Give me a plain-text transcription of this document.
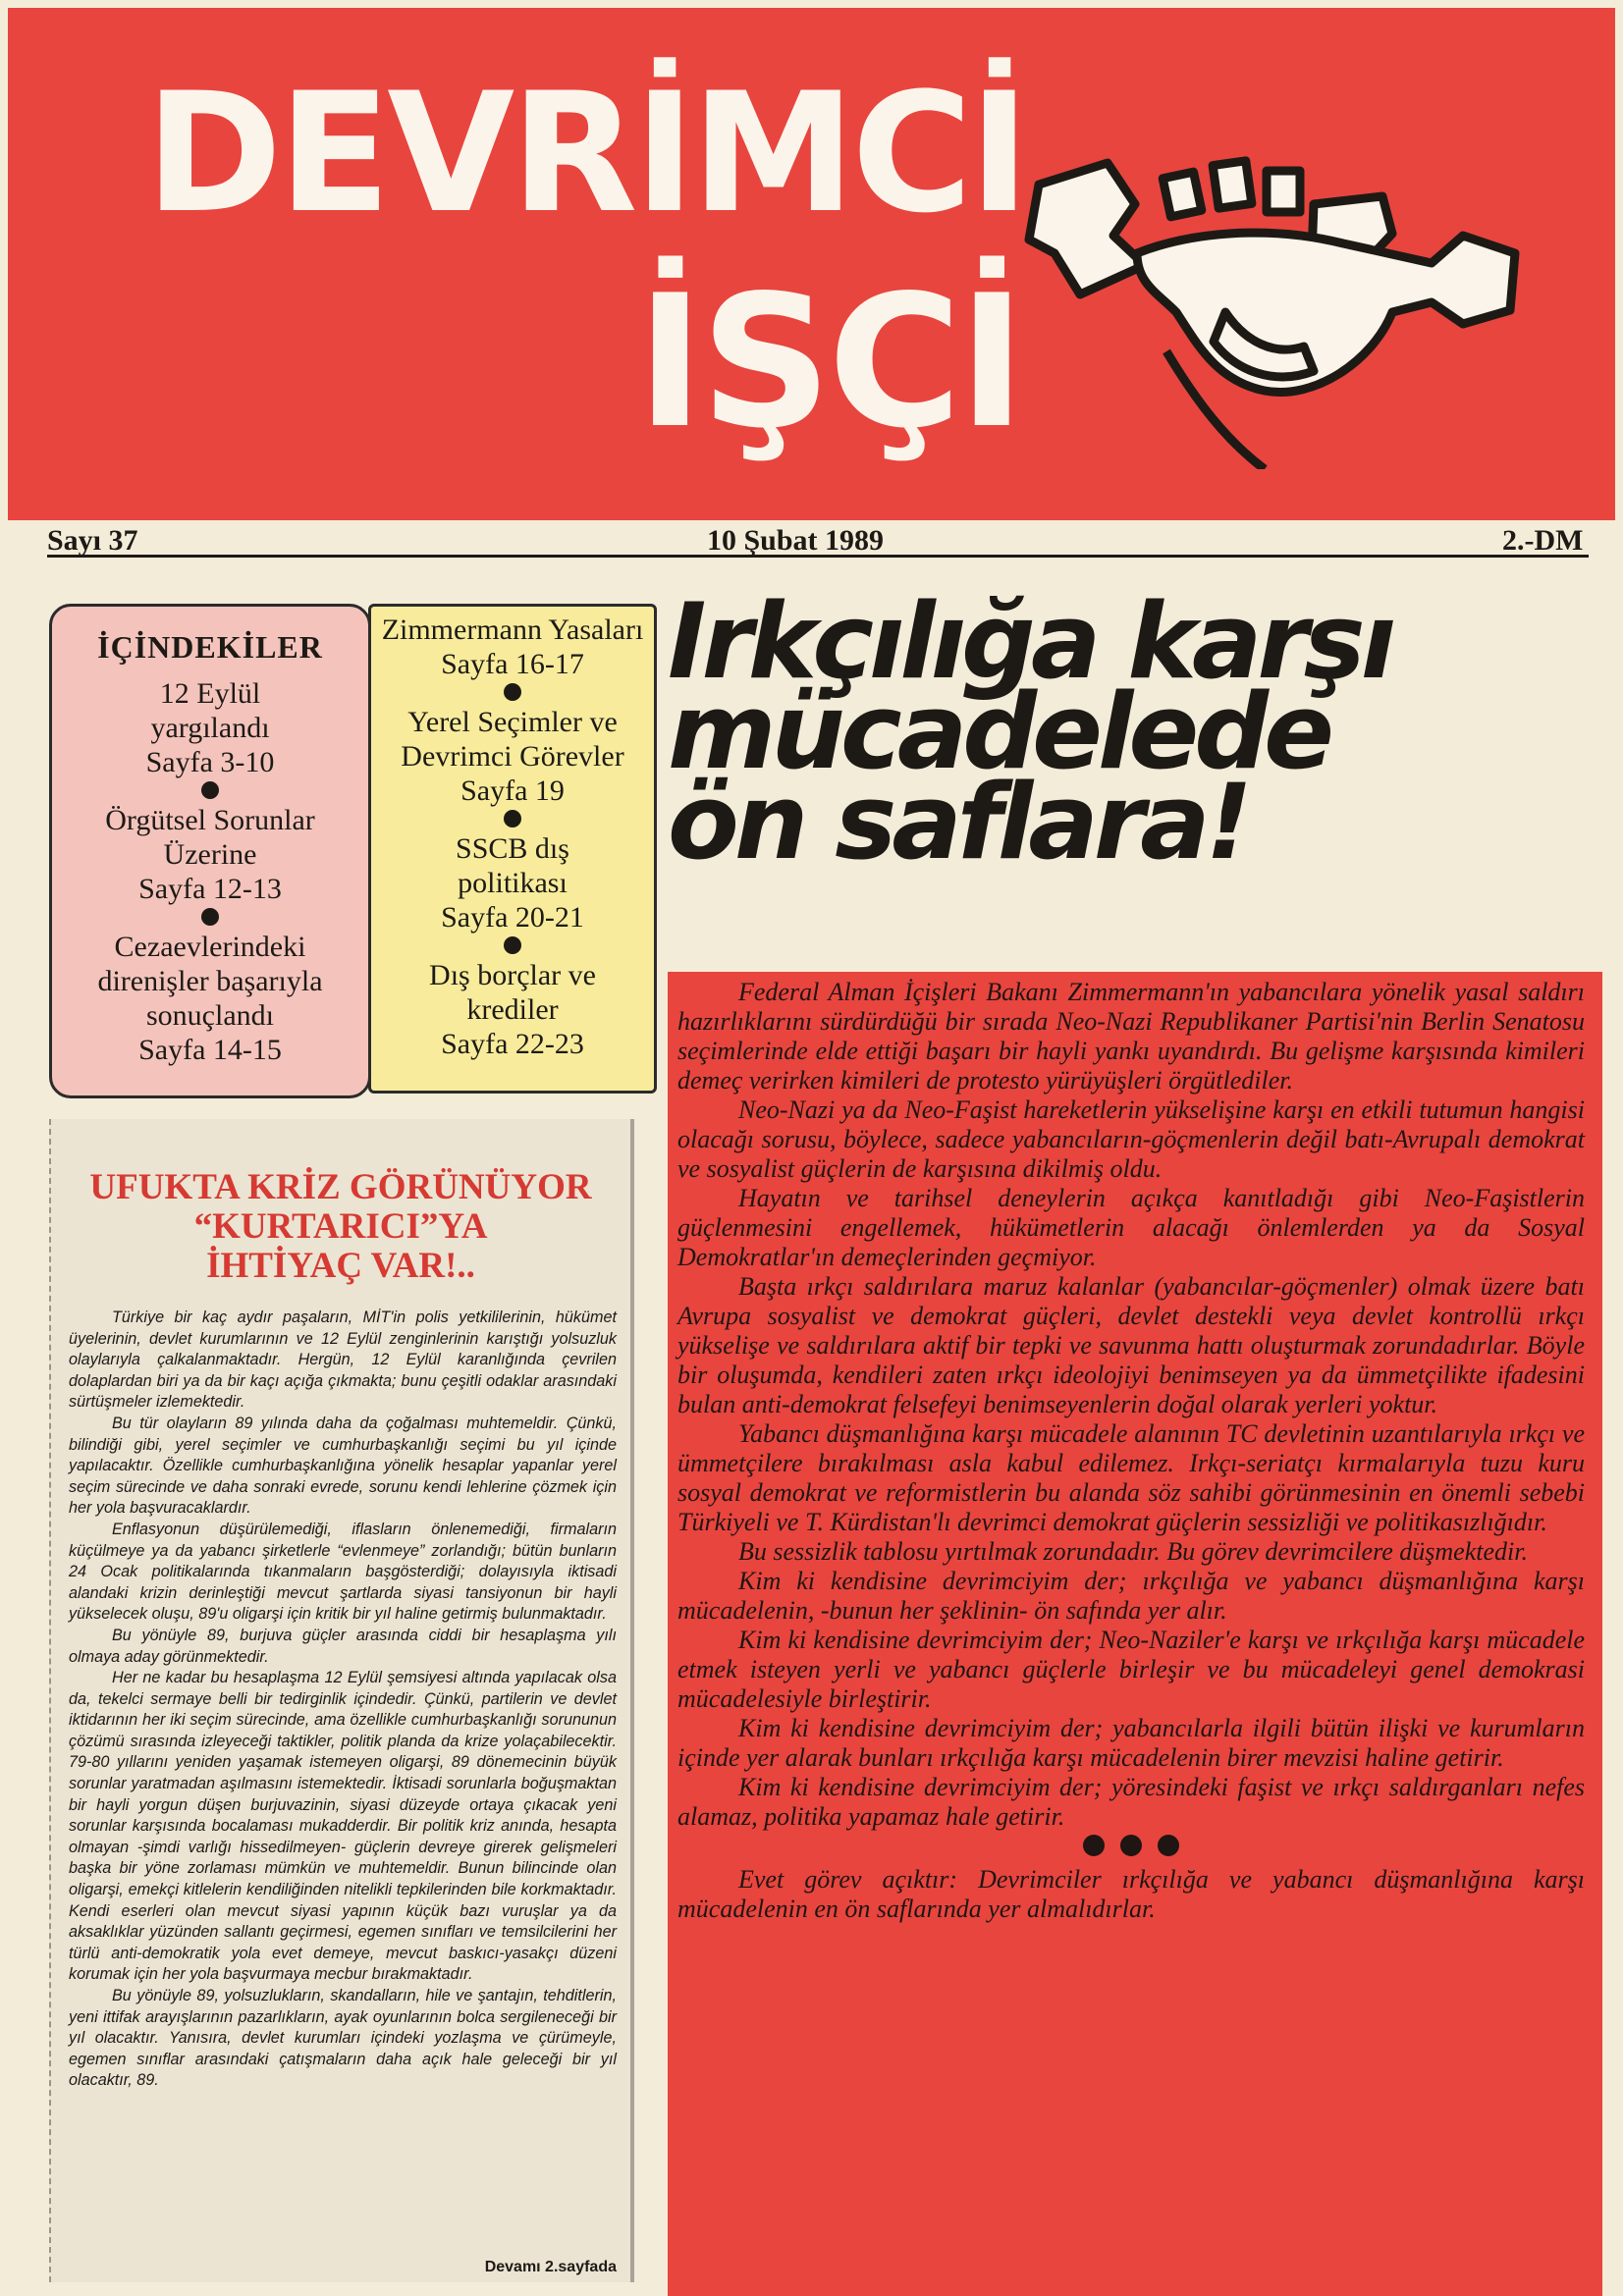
DEVRİMCİ
İŞÇİ
Sayı 37	10 Şubat 1989	2.-DM
İÇİNDEKİLER
12 Eylül yargılandı
Sayfa 3-10
Örgütsel Sorunlar Üzerine
Sayfa 12-13
Cezaevlerindeki direnişler başarıyla sonuçlandı
Sayfa 14-15
Zimmermann Yasaları
Sayfa 16-17
Yerel Seçimler ve Devrimci Görevler
Sayfa 19
SSCB dış politikası
Sayfa 20-21
Dış borçlar ve krediler
Sayfa 22-23
Irkçılığa karşı
mücadelede
ön saflara!
UFUKTA KRİZ GÖRÜNÜYOR
“KURTARICI”YA
İHTİYAÇ VAR!..

Türkiye bir kaç aydır paşaların, MİT'in polis yetkililerinin, hükümet üyelerinin, devlet kurumlarının ve 12 Eylül zenginlerinin karıştığı yolsuzluk olaylarıyla çalkalanmaktadır. Hergün, 12 Eylül karanlığında çevrilen dolaplardan biri ya da bir kaçı açığa çıkmakta; bunu çeşitli odaklar arasındaki sürtüşmeler izlemektedir.

Bu tür olayların 89 yılında daha da çoğalması muhtemeldir. Çünkü, bilindiği gibi, yerel seçimler ve cumhurbaşkanlığı seçimi bu yıl içinde yapılacaktır. Özellikle cumhurbaşkanlığına yönelik hesaplar yapanlar yerel seçim sürecinde ve daha sonraki evrede, sorunu kendi lehlerine çözmek için her yola başvuracaklardır.

Enflasyonun düşürülemediği, iflasların önlenemediği, firmaların küçülmeye ya da yabancı şirketlerle “evlenmeye” zorlandığı; bütün bunların 24 Ocak politikalarında tıkanmaların başgösterdiği; dolayısıyla iktisadi alandaki krizin derinleştiği mevcut şartlarda siyasi tansiyonun bir hayli yükselecek oluşu, 89'u oligarşi için kritik bir yıl haline getirmiş bulunmaktadır.

Bu yönüyle 89, burjuva güçler arasında ciddi bir hesaplaşma yılı olmaya aday görünmektedir.

Her ne kadar bu hesaplaşma 12 Eylül şemsiyesi altında yapılacak olsa da, tekelci sermaye belli bir tedirginlik içindedir. Çünkü, partilerin ve devlet iktidarının her iki seçim sürecinde, ama özellikle cumhurbaşkanlığı sorununun çözümü sırasında izleyeceği taktikler, politik planda da krize yolaçabilecektir. 79-80 yıllarını yeniden yaşamak istemeyen oligarşi, 89 dönemecinin büyük sorunlar yaratmadan aşılmasını istemektedir. İktisadi sorunlarla boğuşmaktan bir hayli yorgun düşen burjuvazinin, siyasi düzeyde ortaya çıkacak yeni sorunlar karşısında bocalaması mukadderdir. Bir politik kriz anında, hesapta olmayan -şimdi varlığı hissedilmeyen- güçlerin devreye girerek gelişmeleri başka bir yöne zorlaması mümkün ve muhtemeldir. Bunun bilincinde olan oligarşi, emekçi kitlelerin kendiliğinden nitelikli tepkilerinden bile korkmaktadır. Kendi eserleri olan mevcut siyasi yapının küçük bazı vuruşlar ya da aksaklıklar yüzünden sallantı geçirmesi, egemen sınıfları ve temsilcilerini her türlü anti-demokratik yola evet demeye, mevcut baskıcı-yasakçı düzeni korumak için her yola başvurmaya mecbur bırakmaktadır.

Bu yönüyle 89, yolsuzlukların, skandalların, hile ve şantajın, tehditlerin, yeni ittifak arayışlarının pazarlıkların, ayak oyunlarının bolca sergileneceği bir yıl olacaktır. Yanısıra, devlet kurumları içindeki yozlaşma ve çürümeyle, egemen sınıflar arasındaki çatışmaların daha açık hale geleceği bir yıl olacaktır, 89.

Devamı 2.sayfada

Federal Alman İçişleri Bakanı Zimmermann'ın yabancılara yönelik yasal saldırı hazırlıklarını sürdürdüğü bir sırada Neo-Nazi Republikaner Partisi'nin Berlin Senatosu seçimlerinde elde ettiği başarı bir hayli yankı uyandırdı. Bu gelişme karşısında kimileri demeç verirken kimileri de protesto yürüyüşleri örgütlediler.

Neo-Nazi ya da Neo-Faşist hareketlerin yükselişine karşı en etkili tutumun hangisi olacağı sorusu, böylece, sadece yabancıların-göçmenlerin değil batı-Avrupalı demokrat ve sosyalist güçlerin de karşısına dikilmiş oldu.

Hayatın ve tarihsel deneylerin açıkça kanıtladığı gibi Neo-Faşistlerin güçlenmesini engellemek, hükümetlerin alacağı önlemlerden ya da Sosyal Demokratlar'ın demeçlerinden geçmiyor.

Başta ırkçı saldırılara maruz kalanlar (yabancılar-göçmenler) olmak üzere batı Avrupa sosyalist ve demokrat güçleri, devlet destekli veya devlet kontrollü ırkçı yükselişe ve saldırılara aktif bir tepki ve savunma hattı oluşturmak zorundadırlar. Böyle bir oluşumda, kendileri zaten ırkçı ideolojiyi benimseyen ya da ümmetçilikte ifadesini bulan anti-demokrat felsefeyi benimseyenlerin doğal olarak yerleri yoktur.

Yabancı düşmanlığına karşı mücadele alanının TC devletinin uzantılarıyla ırkçı ve ümmetçilere bırakılması asla kabul edilemez. Irkçı-seriatçı kırmalarıyla tuzu kuru sosyal demokrat ve reformistlerin bu alanda söz sahibi görünmesinin en önemli sebebi Türkiyeli ve T. Kürdistan'lı devrimci demokrat güçlerin sessizliği ve politikasızlığıdır.

Bu sessizlik tablosu yırtılmak zorundadır. Bu görev devrimcilere düşmektedir.

Kim ki kendisine devrimciyim der; ırkçılığa ve yabancı düşmanlığına karşı mücadelenin, -bunun her şeklinin- ön safında yer alır.

Kim ki kendisine devrimciyim der; Neo-Naziler'e karşı ve ırkçılığa karşı mücadele etmek isteyen yerli ve yabancı güçlerle birleşir ve bu mücadeleyi genel demokrasi mücadelesiyle birleştirir.

Kim ki kendisine devrimciyim der; yabancılarla ilgili bütün ilişki ve kurumların içinde yer alarak bunları ırkçılığa karşı mücadelenin birer mevzisi haline getirir.

Kim ki kendisine devrimciyim der; yöresindeki faşist ve ırkçı saldırganları nefes alamaz, politika yapamaz hale getirir.

Evet görev açıktır: Devrimciler ırkçılığa ve yabancı düşmanlığına karşı mücadelenin en ön saflarında yer almalıdırlar.
